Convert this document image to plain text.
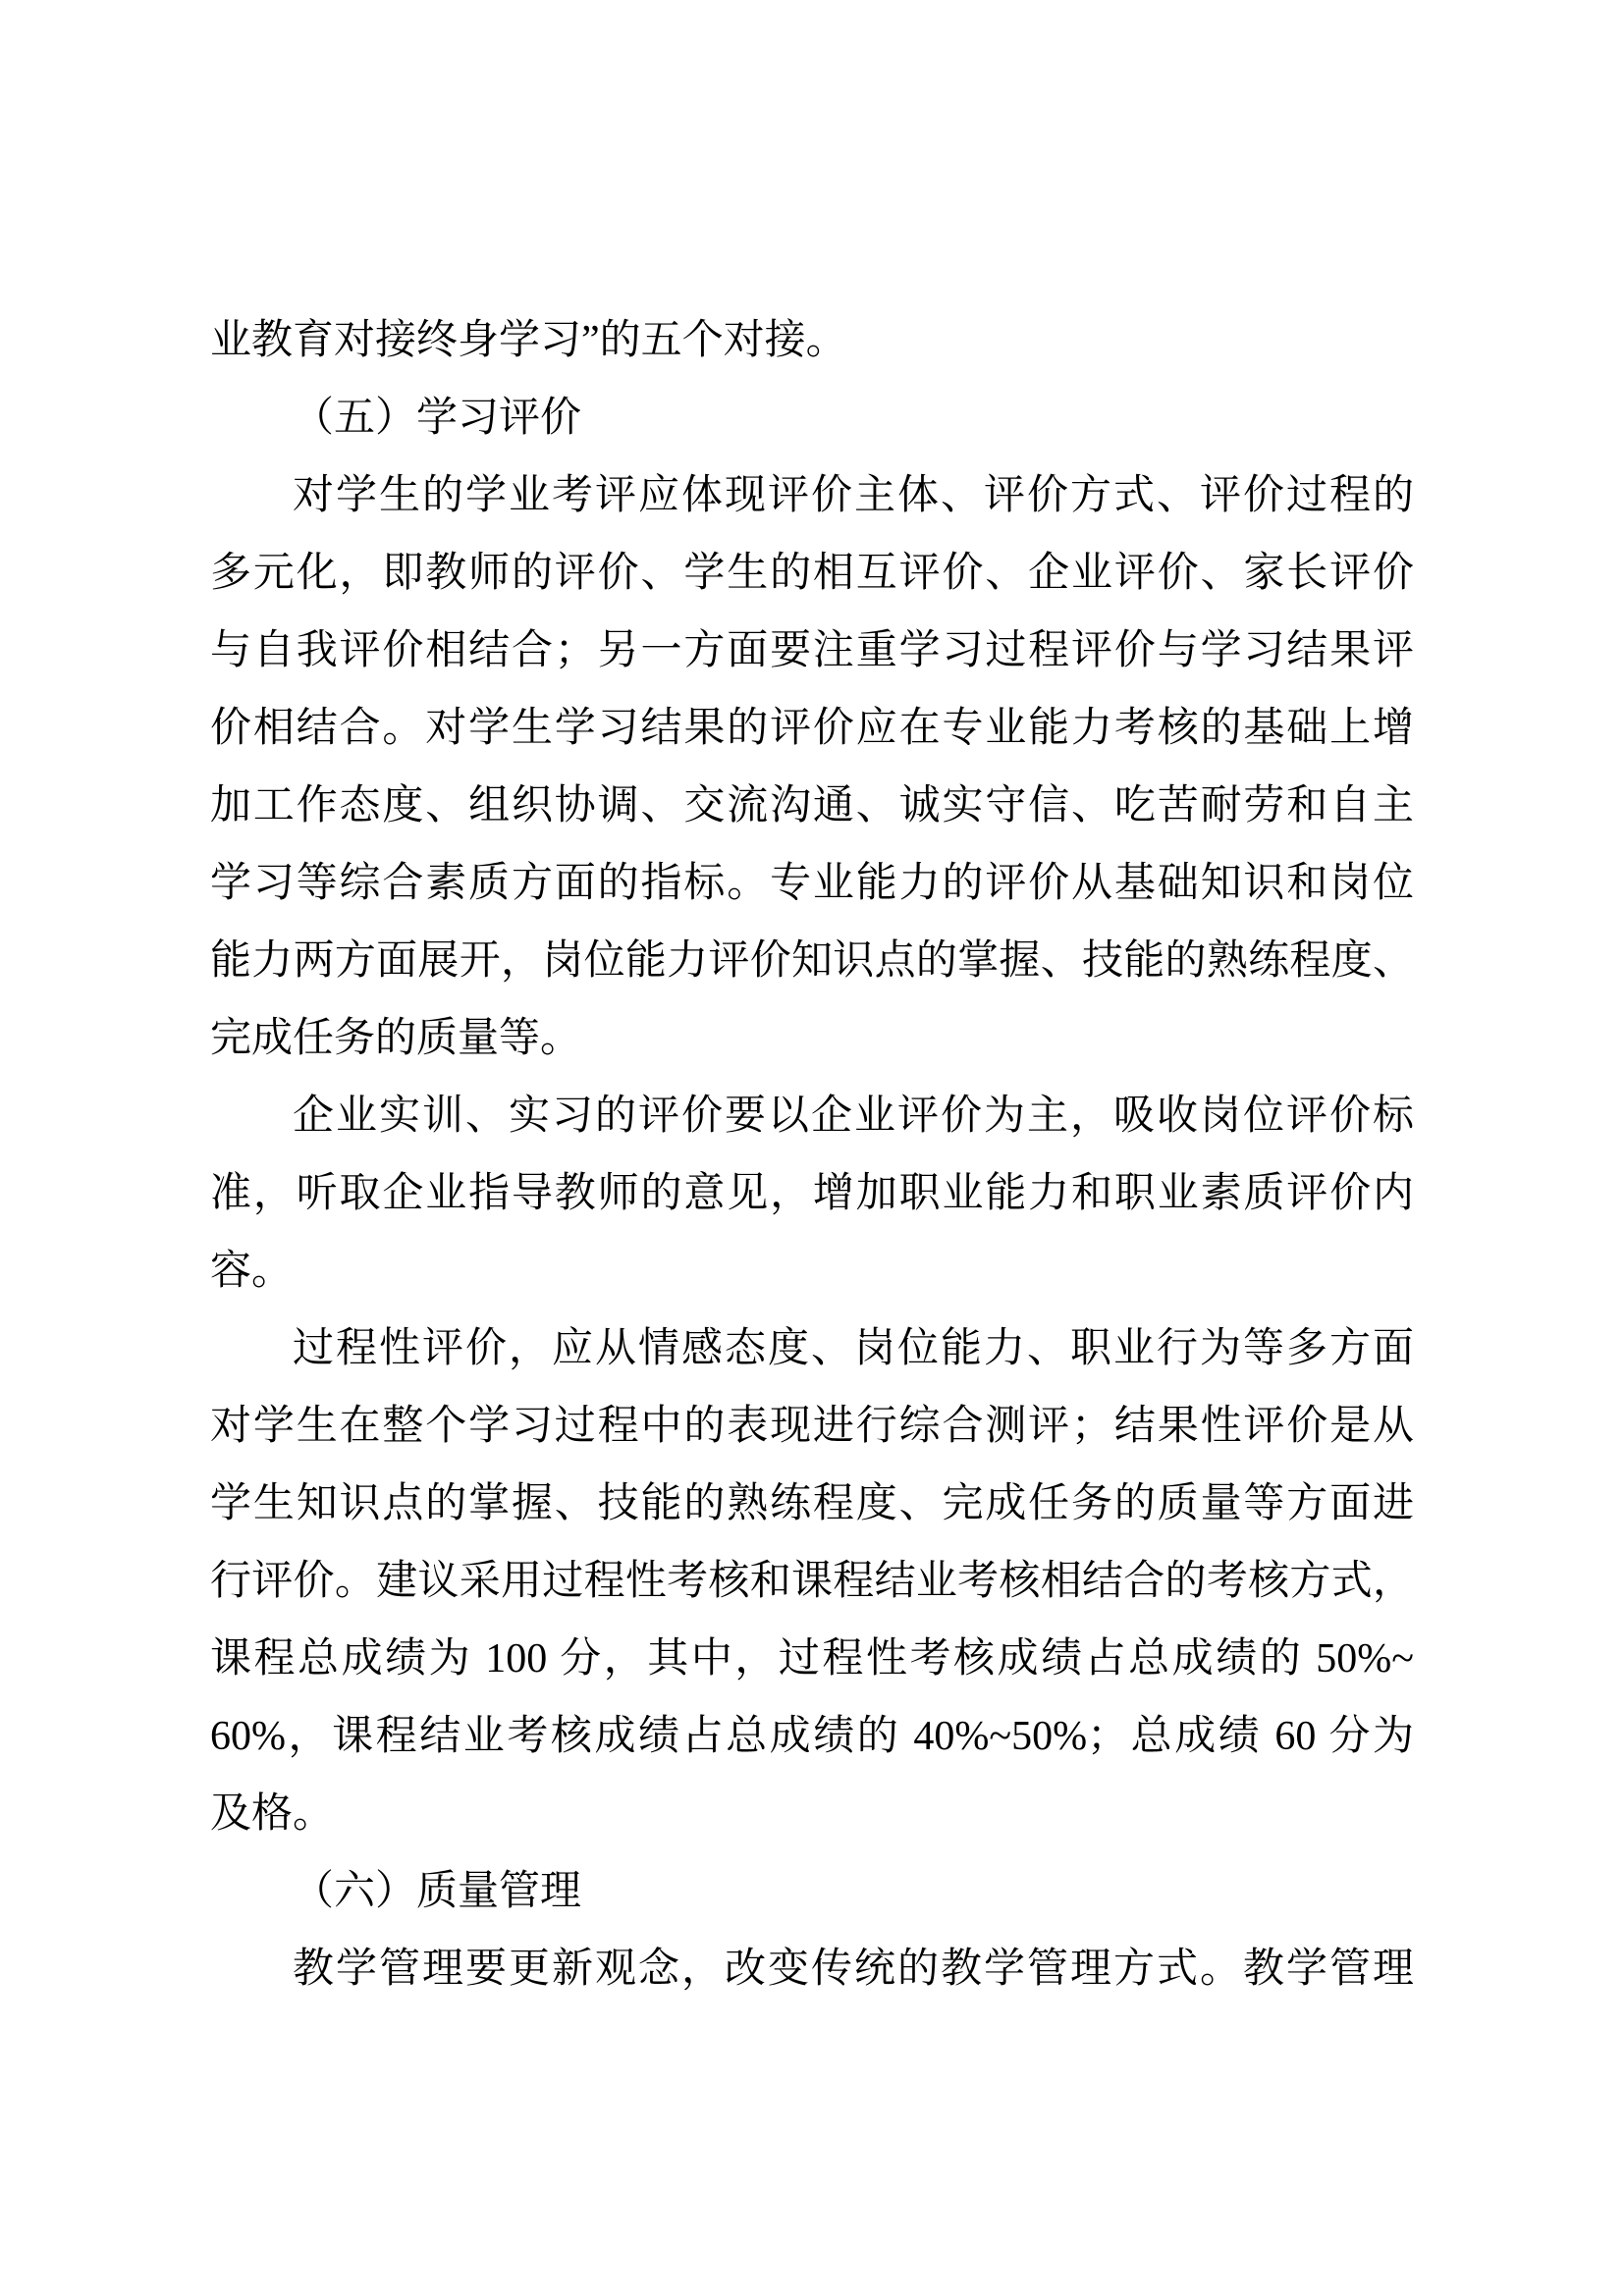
业教育对接终身学习”的五个对接。
（五）学习评价
对学生的学业考评应体现评价主体、评价方式、评价过程的
多元化，即教师的评价、学生的相互评价、企业评价、家长评价
与自我评价相结合；另一方面要注重学习过程评价与学习结果评
价相结合。对学生学习结果的评价应在专业能力考核的基础上增
加工作态度、组织协调、交流沟通、诚实守信、吃苦耐劳和自主
学习等综合素质方面的指标。专业能力的评价从基础知识和岗位
能力两方面展开，岗位能力评价知识点的掌握、技能的熟练程度、
完成任务的质量等。
企业实训、实习的评价要以企业评价为主，吸收岗位评价标
准，听取企业指导教师的意见，增加职业能力和职业素质评价内
容。
过程性评价，应从情感态度、岗位能力、职业行为等多方面
对学生在整个学习过程中的表现进行综合测评；结果性评价是从
学生知识点的掌握、技能的熟练程度、完成任务的质量等方面进
行评价。建议采用过程性考核和课程结业考核相结合的考核方式，
课程总成绩为 100 分，其中，过程性考核成绩占总成绩的 50%~
60%，课程结业考核成绩占总成绩的 40%~50%；总成绩 60 分为
及格。
（六）质量管理
教学管理要更新观念，改变传统的教学管理方式。教学管理
